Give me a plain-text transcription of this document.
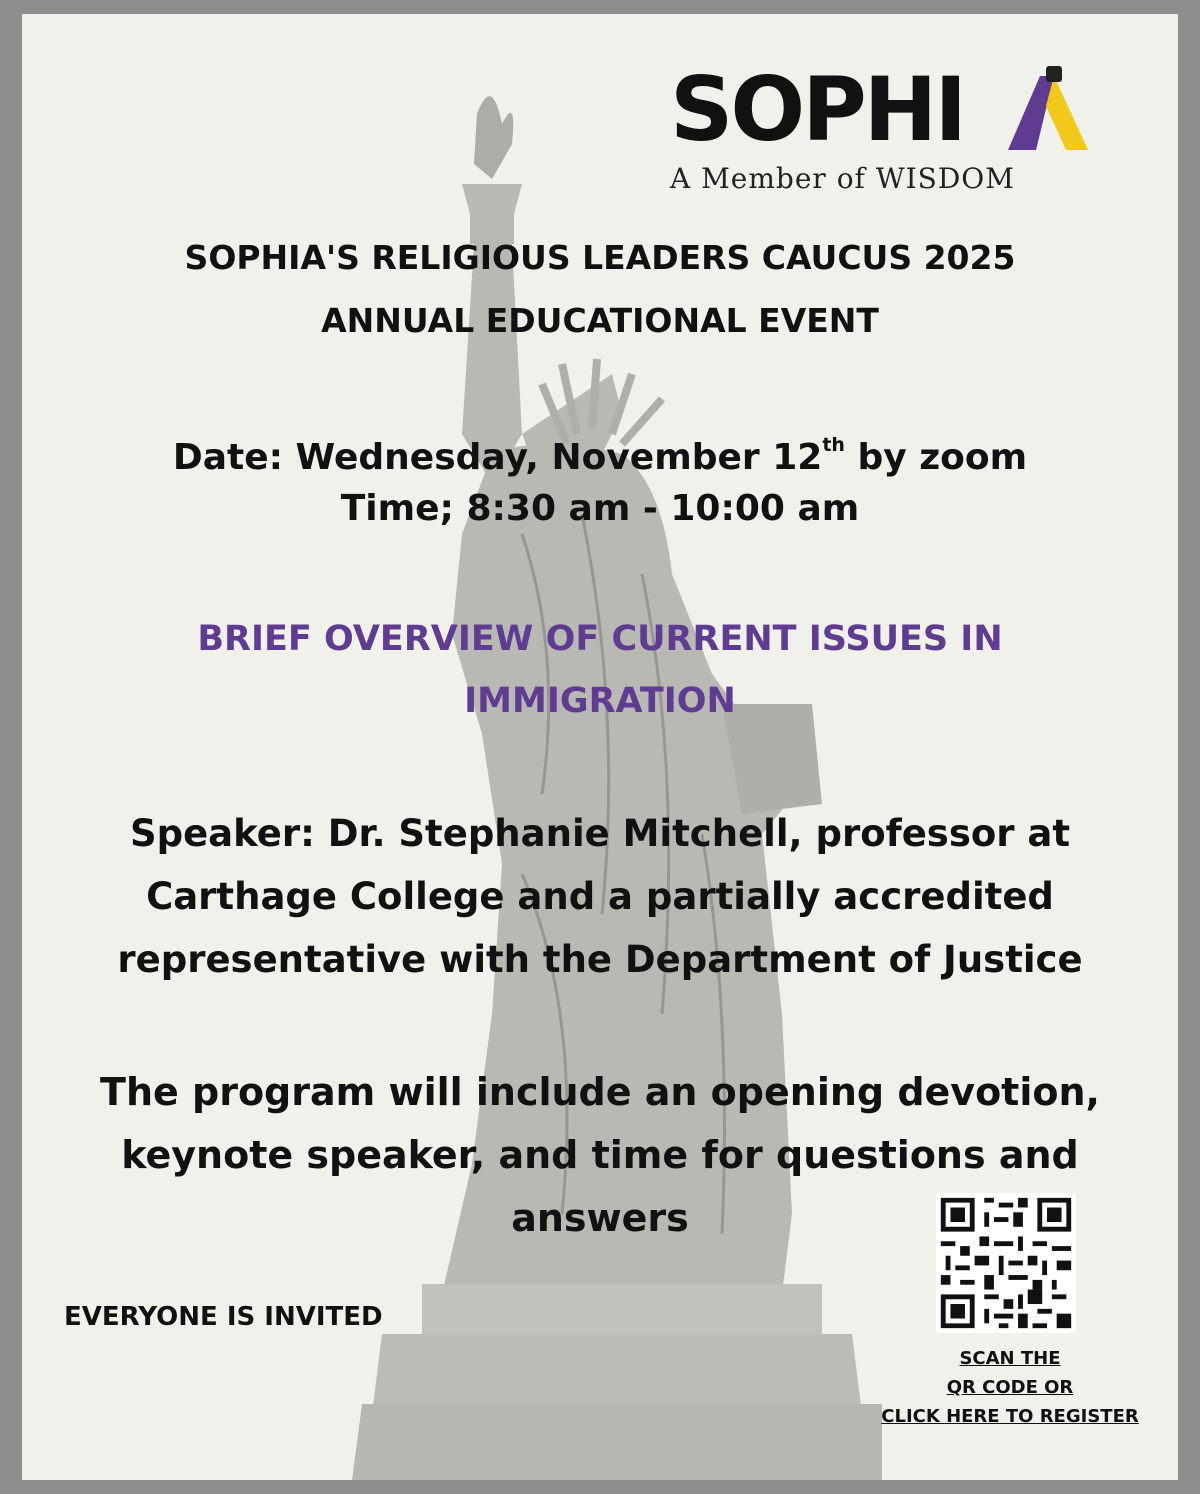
SOPHI
A Member of WISDOM
SOPHIA'S RELIGIOUS LEADERS CAUCUS 2025
ANNUAL EDUCATIONAL EVENT
Date: Wednesday, November 12th by zoom
Time; 8:30 am - 10:00 am
BRIEF OVERVIEW OF CURRENT ISSUES IN
IMMIGRATION
Speaker: Dr. Stephanie Mitchell, professor at
Carthage College and a partially accredited
representative with the Department of Justice
The program will include an opening devotion,
keynote speaker, and time for questions and
answers
EVERYONE IS INVITED
SCAN THE
QR CODE OR
CLICK HERE TO REGISTER
